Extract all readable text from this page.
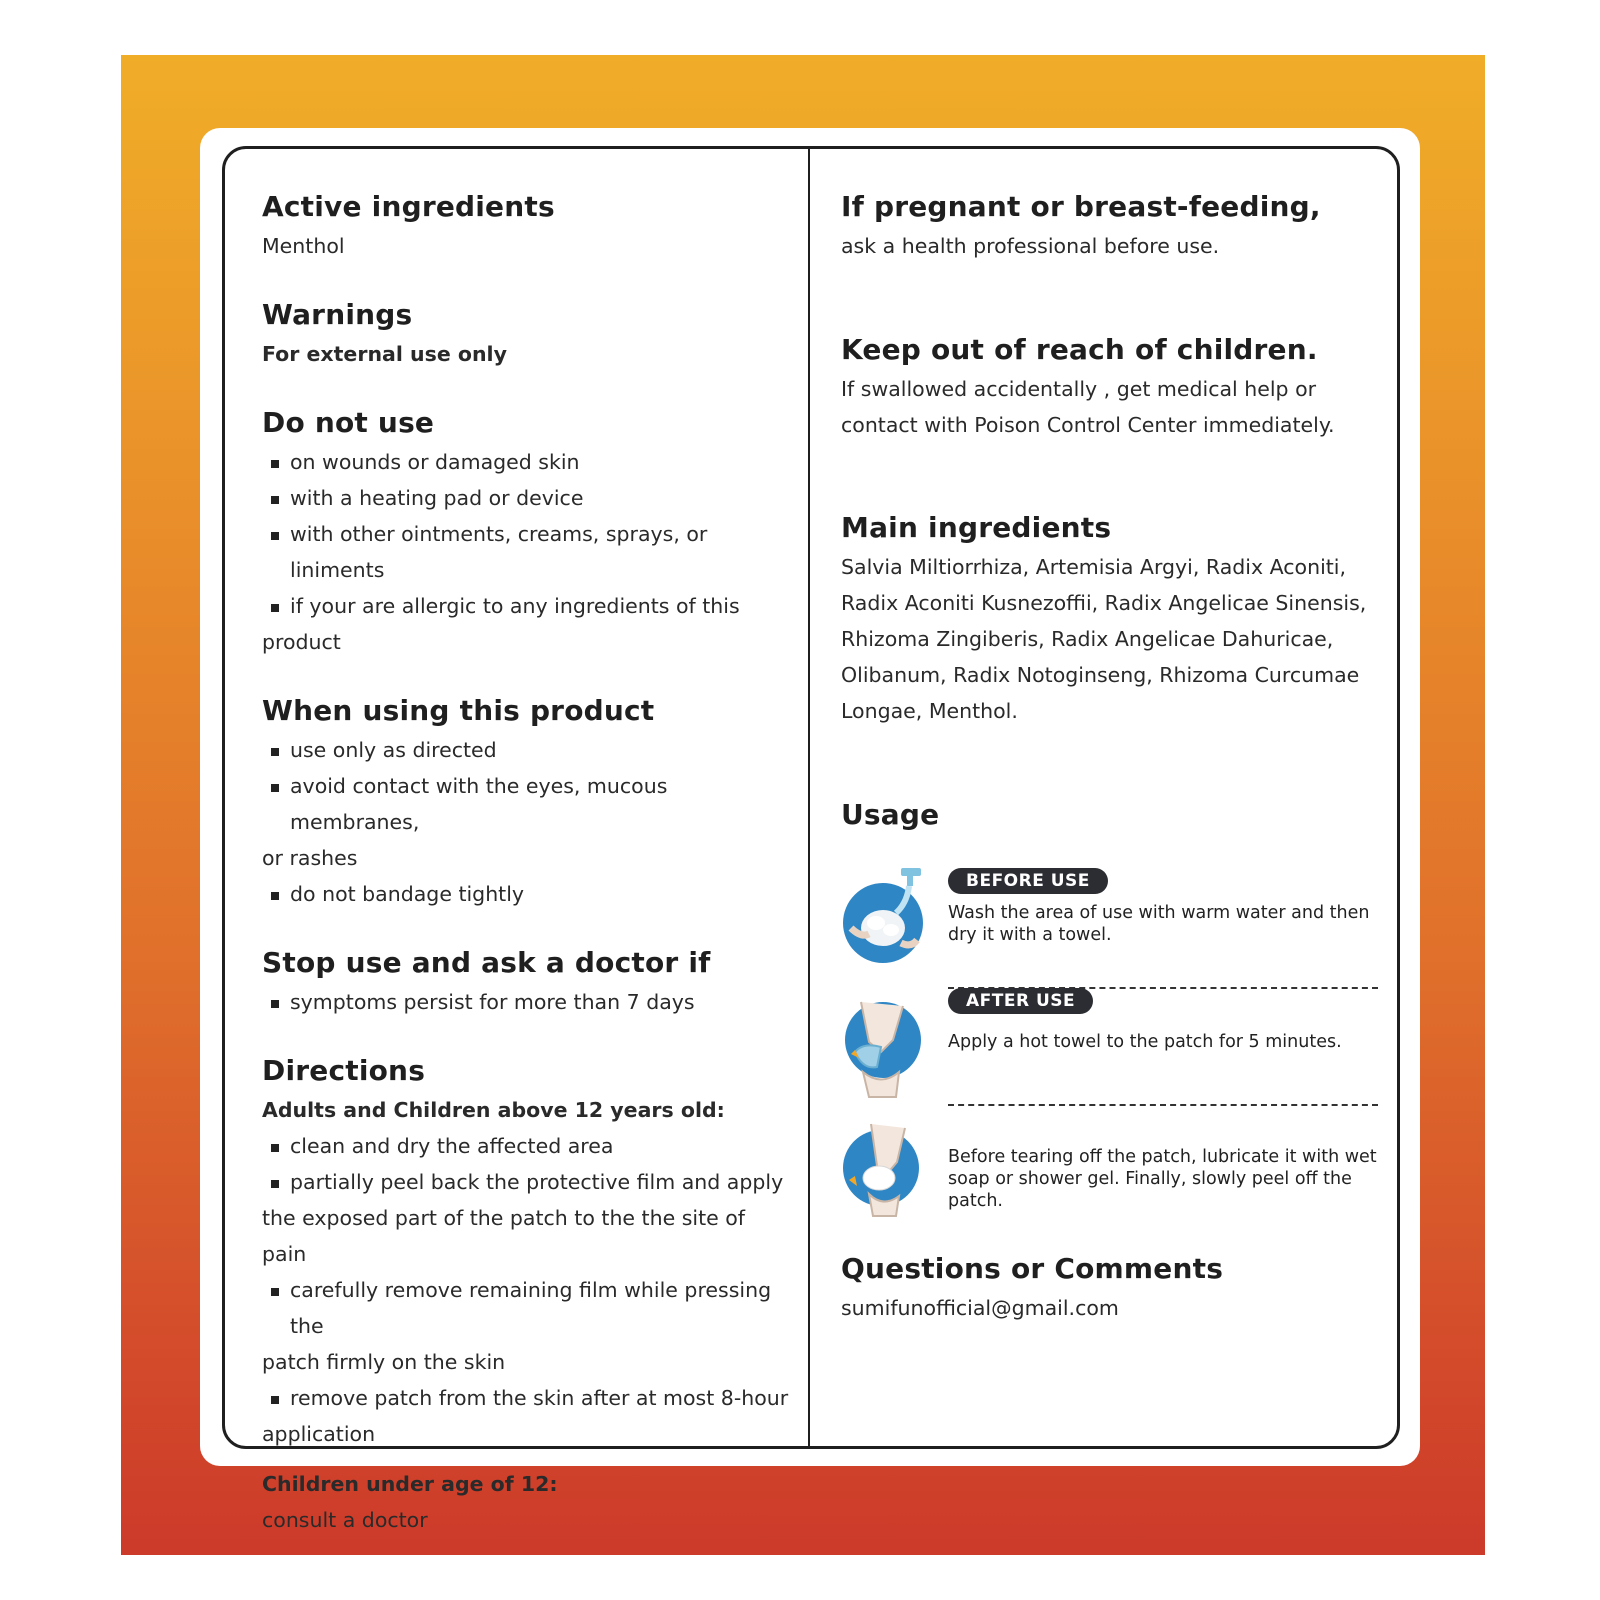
Active ingredients

Menthol

Warnings

For external use only

Do not use
on wounds or damaged skin
with a heating pad or device
with other ointments, creams, sprays, or liniments
if your are allergic to any ingredients of this

product

When using this product
use only as directed
avoid contact with the eyes, mucous membranes,

or rashes

do not bandage tightly
Stop use and ask a doctor if
symptoms persist for more than 7 days
Directions

Adults and Children above 12 years old:

clean and dry the affected area
partially peel back the protective film and apply

the exposed part of the patch to the the site of pain

carefully remove remaining film while pressing the

patch firmly on the skin

remove patch from the skin after at most 8-hour

application

Children under age of 12:

consult a doctor

If pregnant or breast-feeding,

ask a health professional before use.

Keep out of reach of children.

If swallowed accidentally , get medical help or

contact with Poison Control Center immediately.

Main ingredients

Salvia Miltiorrhiza, Artemisia Argyi, Radix Aconiti,

Radix Aconiti Kusnezoffii, Radix Angelicae Sinensis,

Rhizoma Zingiberis, Radix Angelicae Dahuricae,

Olibanum, Radix Notoginseng, Rhizoma Curcumae

Longae, Menthol.

Usage
BEFORE USE
Wash the area of use with warm water and then
dry it with a towel.
AFTER USE
Apply a hot towel to the patch for 5 minutes.
Before tearing off the patch, lubricate it with wet
soap or shower gel. Finally, slowly peel off the patch.
Questions or Comments

sumifunofficial@gmail.com
